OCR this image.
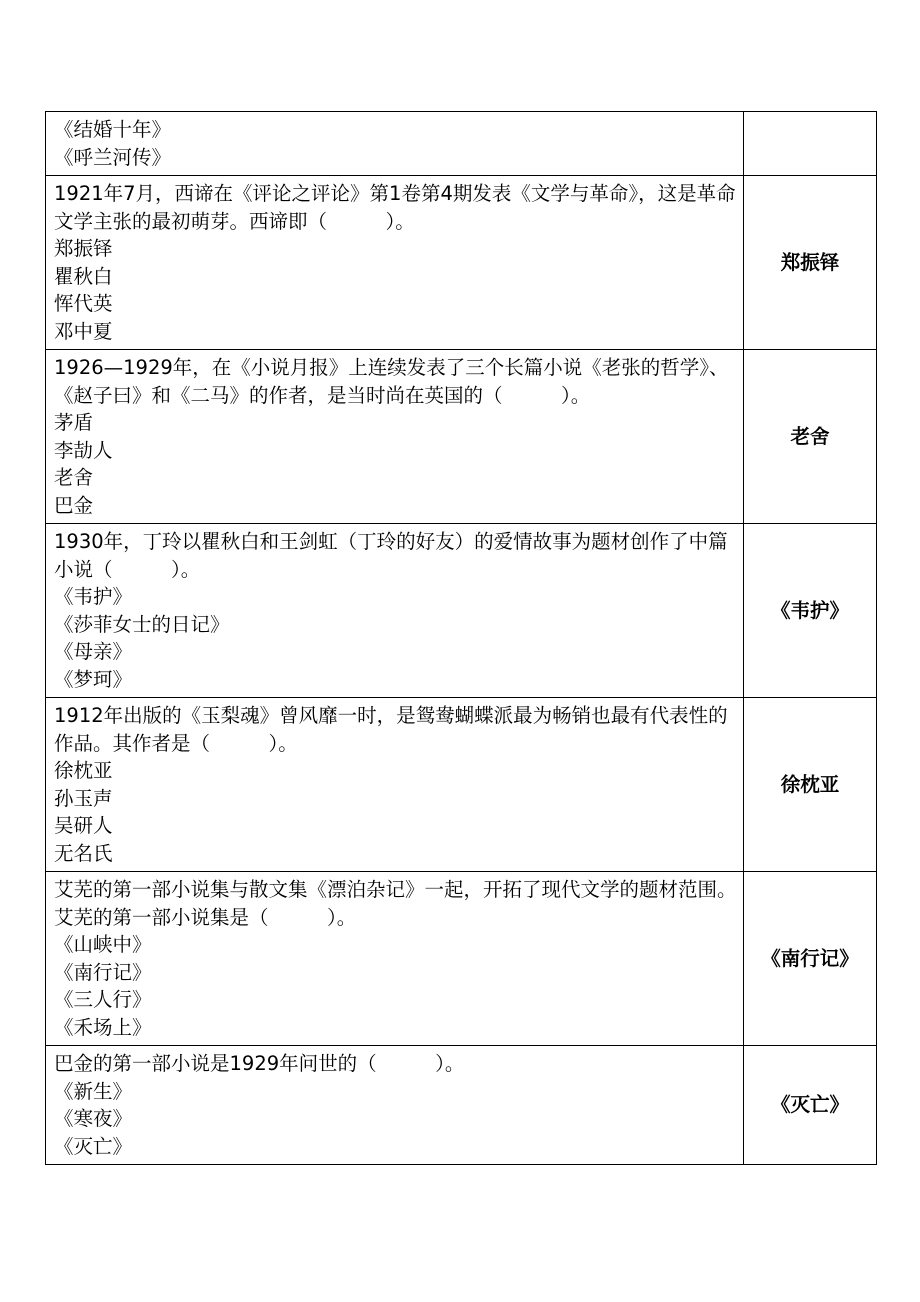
《结婚十年》
《呼兰河传》	

1921年7月，西谛在《评论之评论》第1卷第4期发表《文学与革命》，这是革命文学主张的最初萌芽。西谛即（　　　）。
郑振铎
瞿秋白
恽代英
邓中夏	郑振铎

1926—1929年，在《小说月报》上连续发表了三个长篇小说《老张的哲学》、《赵子曰》和《二马》的作者，是当时尚在英国的（　　　）。
茅盾
李劼人
老舍
巴金	老舍

1930年，丁玲以瞿秋白和王剑虹（丁玲的好友）的爱情故事为题材创作了中篇小说（　　　）。
《韦护》
《莎菲女士的日记》
《母亲》
《梦珂》	《韦护》

1912年出版的《玉梨魂》曾风靡一时，是鸳鸯蝴蝶派最为畅销也最有代表性的作品。其作者是（　　　）。
徐枕亚
孙玉声
吴研人
无名氏	徐枕亚

艾芜的第一部小说集与散文集《漂泊杂记》一起，开拓了现代文学的题材范围。艾芜的第一部小说集是（　　　）。
《山峡中》
《南行记》
《三人行》
《禾场上》	《南行记》

巴金的第一部小说是1929年问世的（　　　）。
《新生》
《寒夜》
《灭亡》	《灭亡》
